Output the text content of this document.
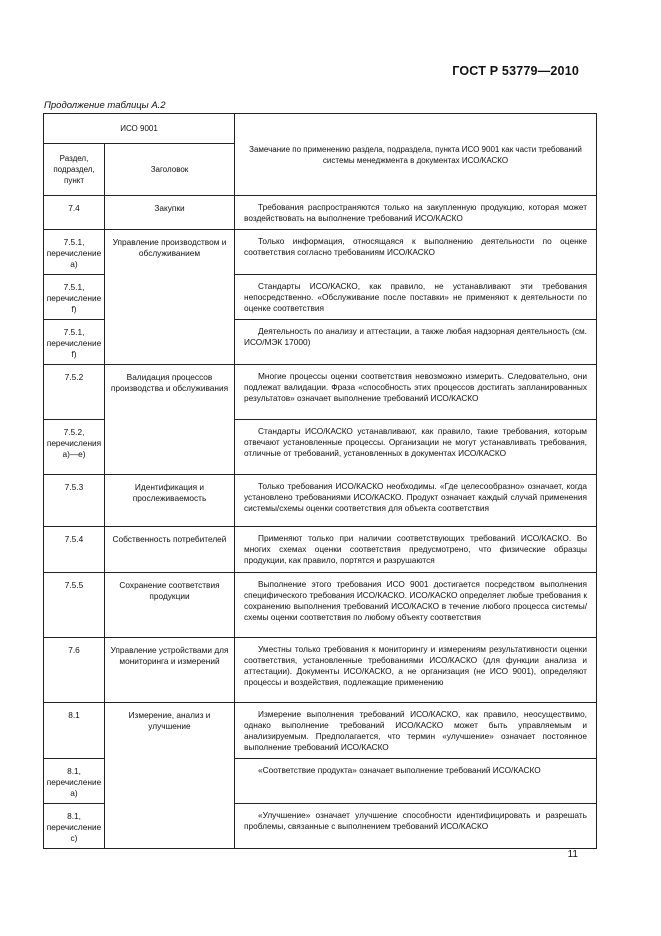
ГОСТ Р 53779—2010
Продолжение таблицы А.2
ИСО 9001		Замечание по применению раздела, подраздела, пункта ИСО 9001 как части требований системы менеджмента в документах ИСО/КАСКО
Раздел, подраздел, пункт	Заголовок	
7.4	Закупки	Требования распространяются только на закупленную продукцию, которая может воздействовать на выполнение требований ИСО/КАСКО

7.5.1, перечисление a)	Управление производством и обслуживанием	Только информация, относящаяся к выполнению деятельности по оценке соответствия согласно требованиям ИСО/КАСКО

7.5.1, перечисление f)		Стандарты ИСО/КАСКО, как правило, не устанавливают эти требования непосредственно. «Обслуживание после поставки» не применяют к деятельности по оценке соответствия

7.5.1, перечисление f)		Деятельность по анализу и аттестации, а также любая надзорная деятельность (см. ИСО/МЭК 17000)

7.5.2	Валидация процессов производства и обслуживания	Многие процессы оценки соответствия невозможно измерить. Следовательно, они подлежат валидации. Фраза «способность этих процессов достигать запланированных результатов» означает выполнение требований ИСО/КАСКО

7.5.2, перечисления a)—e)		Стандарты ИСО/КАСКО устанавливают, как правило, такие требования, которым отвечают установленные процессы. Организации не могут устанавливать требования, отличные от требований, установленных в документах ИСО/КАСКО

7.5.3	Идентификация и прослеживаемость	Только требования ИСО/КАСКО необходимы. «Где целесообразно» означает, когда установлено требованиями ИСО/КАСКО. Продукт означает каждый случай применения системы/схемы оценки соответствия для объекта соответствия

7.5.4	Собственность потребителей	Применяют только при наличии соответствующих требований ИСО/КАСКО. Во многих схемах оценки соответствия предусмотрено, что физические образцы продукции, как правило, портятся и разрушаются

7.5.5	Сохранение соответствия продукции	Выполнение этого требования ИСО 9001 достигается посредством выполнения специфического требования ИСО/КАСКО. ИСО/КАСКО определяет любые требования к сохранению выполнения требований ИСО/КАСКО в течение любого процесса системы/схемы оценки соответствия по любому объекту соответствия

7.6	Управление устройствами для мониторинга и измерений	Уместны только требования к мониторингу и измерениям результативности оценки соответствия, установленные требованиями ИСО/КАСКО (для функции анализа и аттестации). Документы ИСО/КАСКО, а не организация (не ИСО 9001), определяют процессы и воздействия, подлежащие применению

8.1	Измерение, анализ и улучшение	Измерение выполнения требований ИСО/КАСКО, как правило, неосуществимо, однако выполнение требований ИСО/КАСКО может быть управляемым и анализируемым. Предполагается, что термин «улучшение» означает постоянное выполнение требований ИСО/КАСКО

8.1, перечисление a)		«Соответствие продукта» означает выполнение требований ИСО/КАСКО

8.1, перечисление c)		«Улучшение» означает улучшение способности идентифицировать и разрешать проблемы, связанные с выполнением требований ИСО/КАСКО
11
